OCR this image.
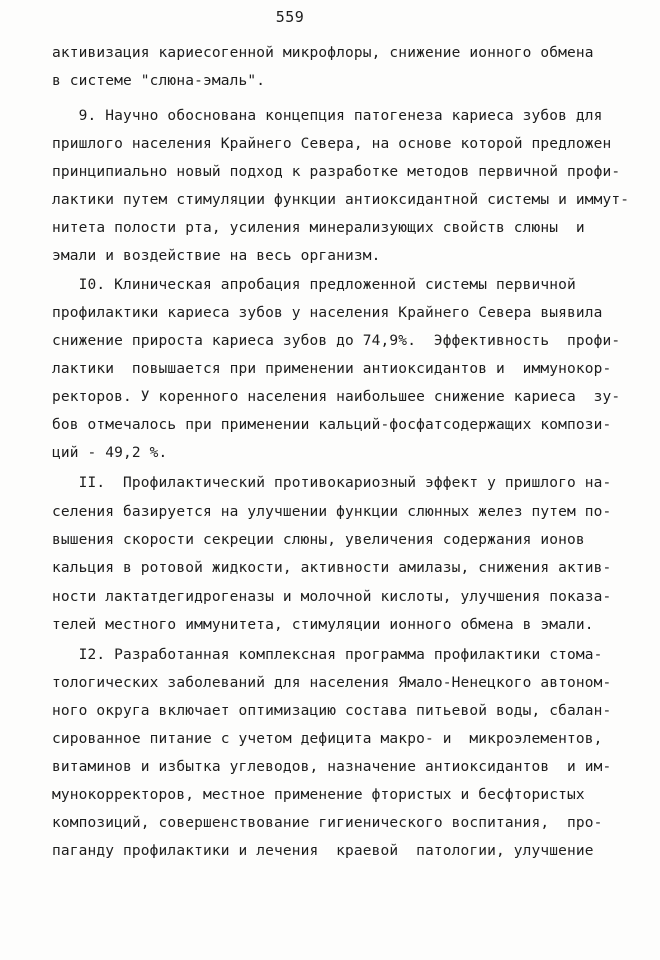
559
активизация кариесогенной микрофлоры, снижение ионного обмена
в системе "слюна-эмаль".
9. Научно обоснована концепция патогенеза кариеса зубов для
пришлого населения Крайнего Севера, на основе которой предложен
принципиально новый подход к разработке методов первичной профи-
лактики путем стимуляции функции антиоксидантной системы и иммут-
нитета полости рта, усиления минерализующих свойств слюны  и
эмали и воздействие на весь организм.
I0. Клиническая апробация предложенной системы первичной
профилактики кариеса зубов у населения Крайнего Севера выявила
снижение прироста кариеса зубов до 74,9%.  Эффективность  профи-
лактики  повышается при применении антиоксидантов и  иммунокор-
ректоров. У коренного населения наибольшее снижение кариеса  зу-
бов отмечалось при применении кальций-фосфатсодержащих компози-
ций - 49,2 %.
II.  Профилактический противокариозный эффект у пришлого на-
селения базируется на улучшении функции слюнных желез путем по-
вышения скорости секреции слюны, увеличения содержания ионов
кальция в ротовой жидкости, активности амилазы, снижения актив-
ности лактатдегидрогеназы и молочной кислоты, улучшения показа-
телей местного иммунитета, стимуляции ионного обмена в эмали.
I2. Разработанная комплексная программа профилактики стома-
тологических заболеваний для населения Ямало-Ненецкого автоном-
ного округа включает оптимизацию состава питьевой воды, сбалан-
сированное питание с учетом дефицита макро- и  микроэлементов,
витаминов и избытка углеводов, назначение антиоксидантов  и им-
мунокорректоров, местное применение фтористых и бесфтористых
композиций, совершенствование гигиенического воспитания,  про-
паганду профилактики и лечения  краевой  патологии, улучшение
